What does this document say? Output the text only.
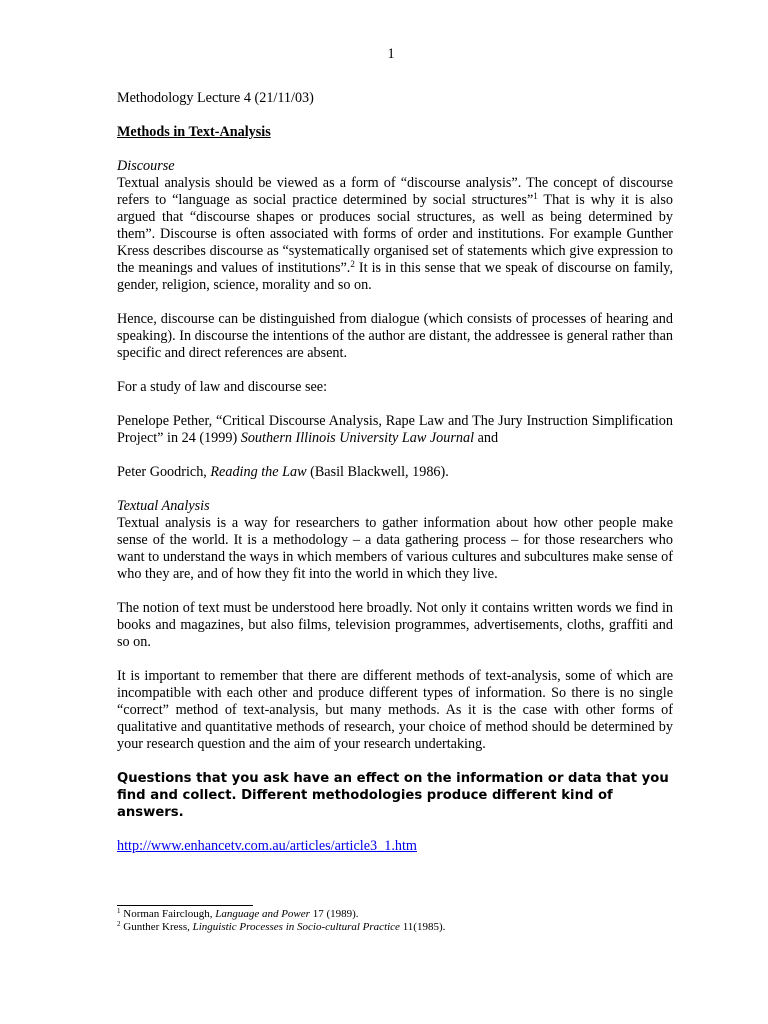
1

Methodology Lecture 4 (21/11/03)

Methods in Text-Analysis

Discourse

Textual analysis should be viewed as a form of “discourse analysis”. The concept of discourse refers to “language as social practice determined by social structures”$^1$ That is why it is also argued that “discourse shapes or produces social structures, as well as being determined by them”. Discourse is often associated with forms of order and institutions. For example Gunther Kress describes discourse as “systematically organised set of statements which give expression to the meanings and values of institutions”.$^2$ It is in this sense that we speak of discourse on family, gender, religion, science, morality and so on.

Hence, discourse can be distinguished from dialogue (which consists of processes of hearing and speaking). In discourse the intentions of the author are distant, the addressee is general rather than specific and direct references are absent.

For a study of law and discourse see:

Penelope Pether, “Critical Discourse Analysis, Rape Law and The Jury Instruction Simplification Project” in 24 (1999) Southern Illinois University Law Journal and

Peter Goodrich, Reading the Law (Basil Blackwell, 1986).

Textual Analysis

Textual analysis is a way for researchers to gather information about how other people make sense of the world. It is a methodology – a data gathering process – for those researchers who want to understand the ways in which members of various cultures and subcultures make sense of who they are, and of how they fit into the world in which they live.

The notion of text must be understood here broadly. Not only it contains written words we find in books and magazines, but also films, television programmes, advertisements, cloths, graffiti and so on.

It is important to remember that there are different methods of text-analysis, some of which are incompatible with each other and produce different types of information. So there is no single “correct” method of text-analysis, but many methods. As it is the case with other forms of qualitative and quantitative methods of research, your choice of method should be determined by your research question and the aim of your research undertaking.

Questions that you ask have an effect on the information or data that you find and collect. Different methodologies produce different kind of answers.

http://www.enhancetv.com.au/articles/article3_1.htm

$^1$ Norman Fairclough, Language and Power 17 (1989).
$^2$ Gunther Kress, Linguistic Processes in Socio-cultural Practice 11(1985).
